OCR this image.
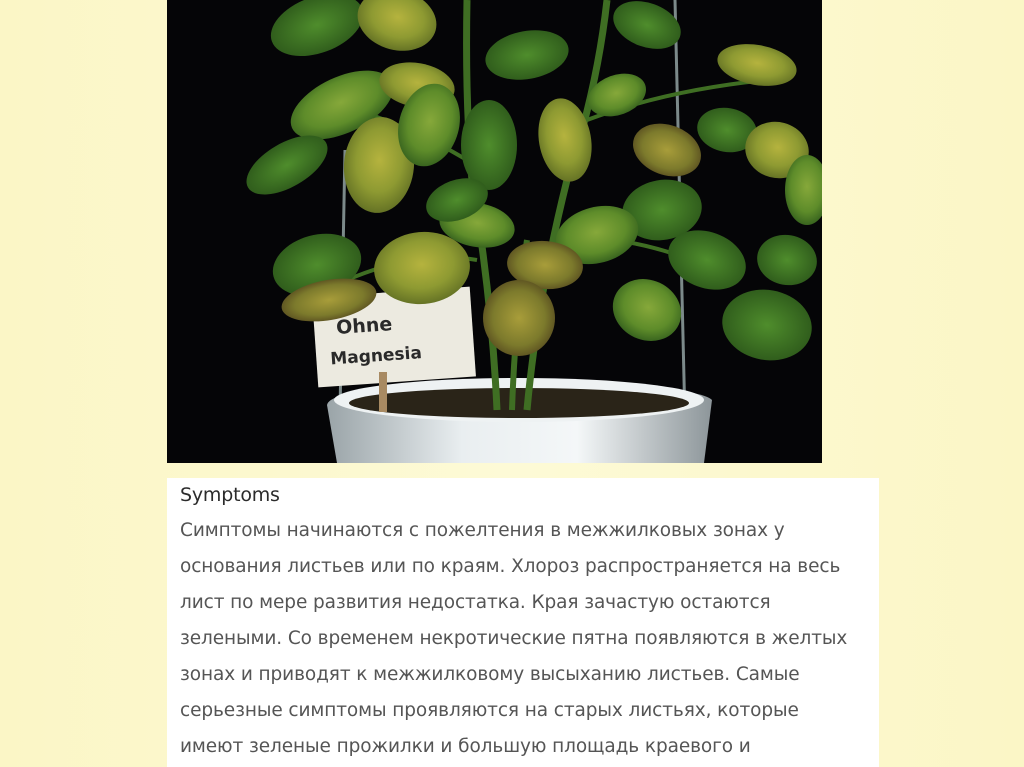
Ohne
Magnesia
Symptoms
Симптомы начинаются с пожелтения в межжилковых зонах у
основания листьев или по краям. Хлороз распространяется на весь
лист по мере развития недостатка. Края зачастую остаются
зелеными. Со временем некротические пятна появляются в желтых
зонах и приводят к межжилковому высыханию листьев. Самые
серьезные симптомы проявляются на старых листьях, которые
имеют зеленые прожилки и большую площадь краевого и
